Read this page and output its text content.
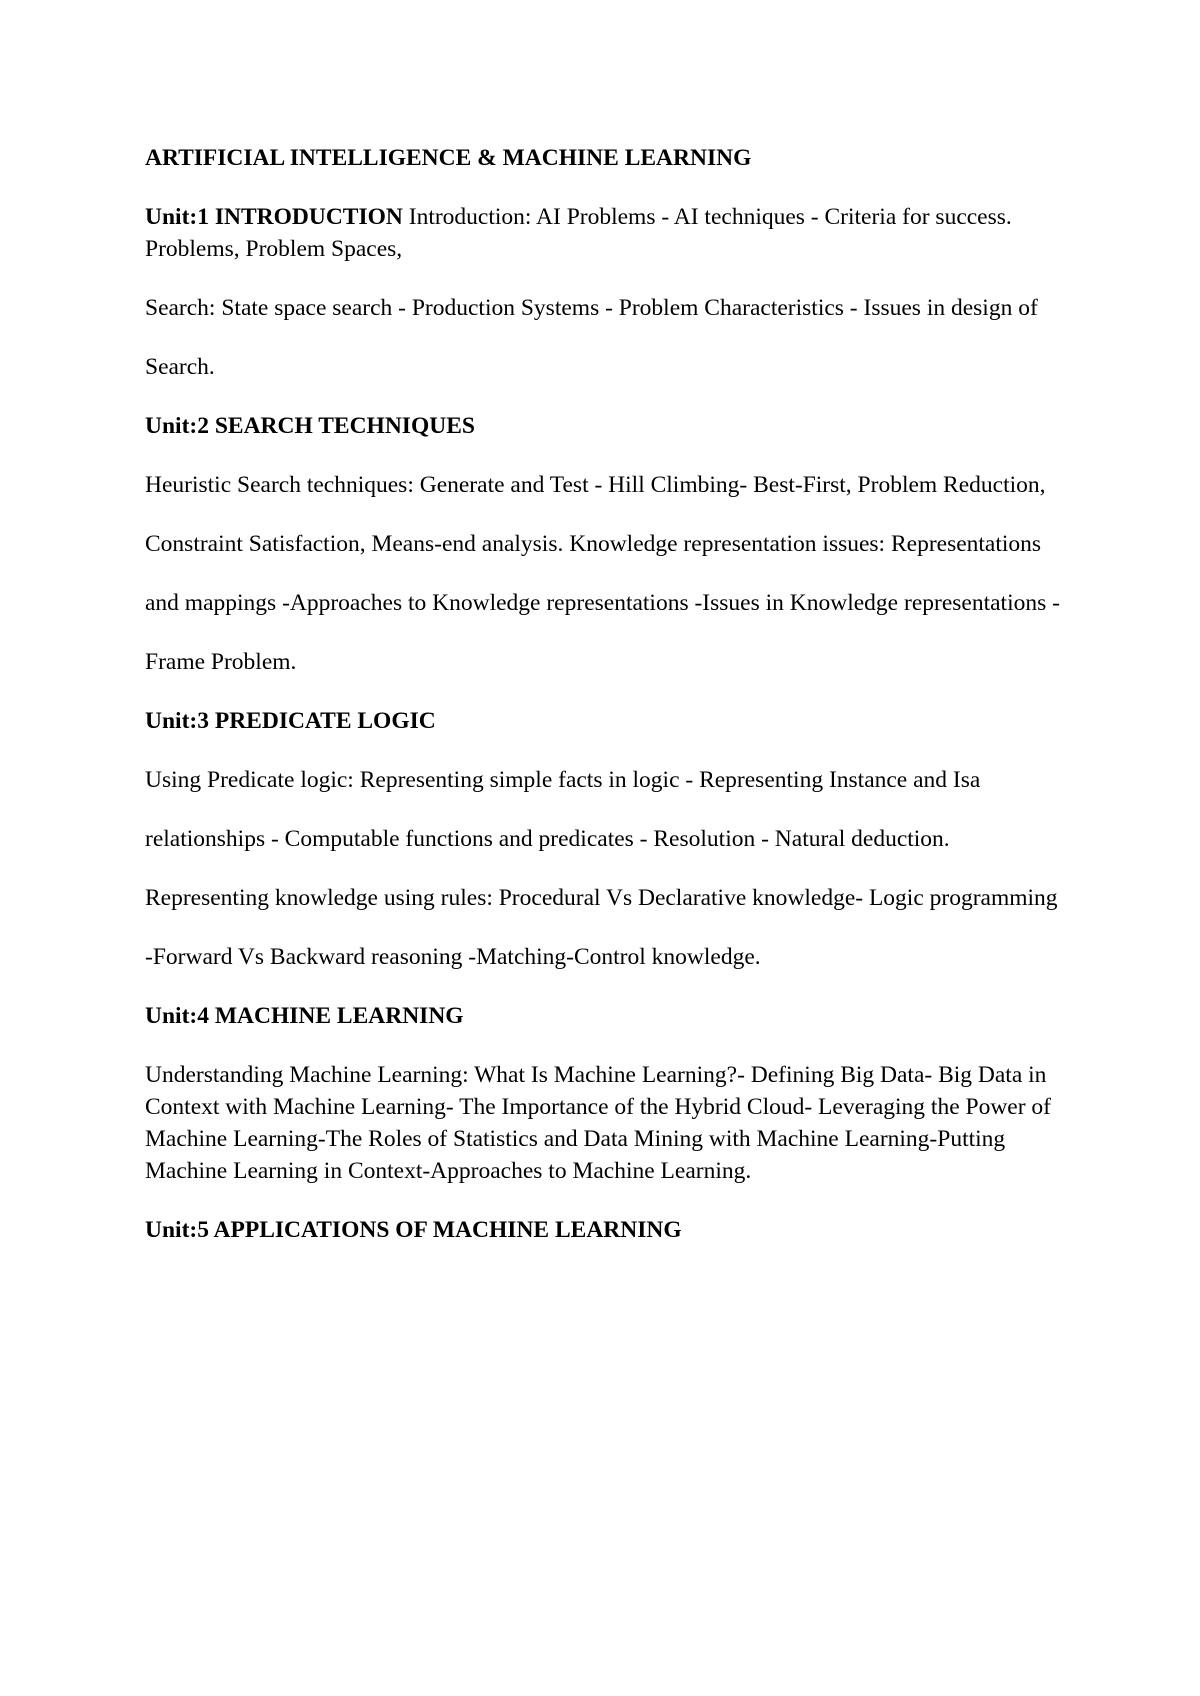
ARTIFICIAL INTELLIGENCE & MACHINE LEARNING

Unit:1 INTRODUCTION Introduction: AI Problems - AI techniques - Criteria for success. Problems, Problem Spaces,

Search: State space search - Production Systems - Problem Characteristics - Issues in design of

Search.

Unit:2 SEARCH TECHNIQUES

Heuristic Search techniques: Generate and Test - Hill Climbing- Best-First, Problem Reduction,

Constraint Satisfaction, Means-end analysis. Knowledge representation issues: Representations

and mappings -Approaches to Knowledge representations -Issues in Knowledge representations -

Frame Problem.

Unit:3 PREDICATE LOGIC

Using Predicate logic: Representing simple facts in logic - Representing Instance and Isa

relationships - Computable functions and predicates - Resolution - Natural deduction.

Representing knowledge using rules: Procedural Vs Declarative knowledge- Logic programming

-Forward Vs Backward reasoning -Matching-Control knowledge.

Unit:4 MACHINE LEARNING

Understanding Machine Learning: What Is Machine Learning?- Defining Big Data- Big Data in Context with Machine Learning- The Importance of the Hybrid Cloud- Leveraging the Power of Machine Learning-The Roles of Statistics and Data Mining with Machine Learning-Putting Machine Learning in Context-Approaches to Machine Learning.

Unit:5 APPLICATIONS OF MACHINE LEARNING
